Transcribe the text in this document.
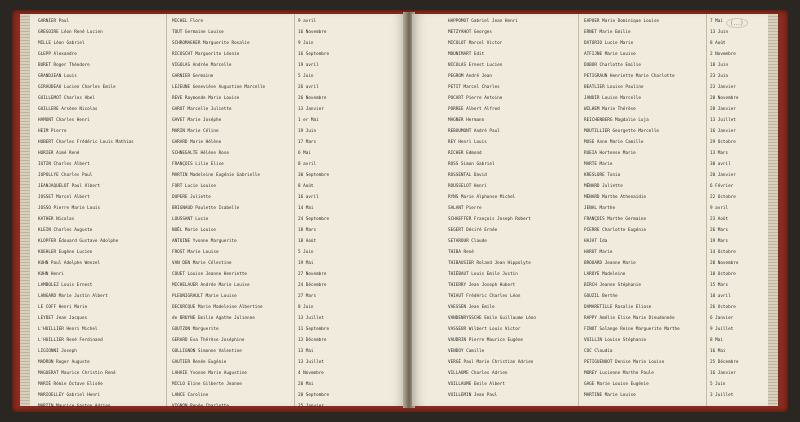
GARNIER Paul	MICHEL Flore	9 avril
GREGOIRE Léon René Lucien	TOUT Germaine Louise	16 Novembre
MILLE Léon Gabriel	SCHROMAEKER Marguerite Rosalie	9 Juin
GLEPP Alexandre	RICOSCHT Marguerite Léonie	16 Septembre
BURET Roger Théodore	VIGOLAS Andrée Marcelle	19 avril
GRANDJEAN Louis	GARNIER Germaine	5 Juin
GIRAUDEAU Lucien Charles Emile	LEJEUNE Geneviève Augustine Marcelle	26 avril
GUILLEMOT Charles Abel	REVE Raymonde Marie Louise	26 Novembre
GUILLERE Arsène Nicolas	GAROT Marcelle Juliette	13 Janvier
HAMONT Charles Henri	GAVET Marie Joséphe	1 er Mai
HEIM Pierre	MARIN Marie Céline	19 Juin
HUBERT Charles Frédéric Louis Mathias	GARARD Marie Hélène	17 Mars
HURIER Aimé René	SCHNEGALTE Hélène Rose	6 Mai
IUTIN Charles Albert	FRANÇOIS Lilie Elise	8 avril
JUPOLLYE Charles Paul	MARTIN Madeleine Eugénie Gabrielle	30 Septembre
JEANJAQUELOT Paul Albert	FORT Lucie Louise	8 Août
JOSSET Marcel Albert	DUPERE Juliette	16 avril
JOSSO Pierre Marie Louis	BRIGNAUD Paulette Isabelle	14 Mai
KATHER Nicolas	LOUSSANT Lucie	24 Septembre
KLEIN Charles Auguste	NOËL Marie Louise	18 Mars
KLOPFER Édouard Gustave Adolphe	ANTOINE Yvonne Marguerite	18 Août
KOEHLER Eugène Lucien	FROST Marie Louise	5 Juin
KUHN Paul Adolphe Wenzel	VAN DEN Marie Célestine	19 Mai
KUHN Henri	COUET Louise Jeanne Henriette	27 Novembre
LAMBOLEZ Louis Ernest	MICHELAUER Andrée Marie Louise	24 Décembre
LANGARD Marie Justin Albert	PLEUNIGRAULT Marie Louise	27 Mars
LE COFF Henri Marie	DECORCQUE Marie Madeleine Albertine	8 Juin
LEYDET Jean Jacques	de BRUYNE Emilie Agathe Julienne	13 Juillet
L'HUILLIER Henri Michel	GOUTZON Marguerite	11 Septembre
L'HUILLIER René Ferdinand	GERARD Eva Thérèse Joséphine	13 Décembre
LIGIONNI Joseph	GOLLIGNON Simonne Valentine	13 Mai
MADRON Roger Auguste	GAUTIER Renée Eugénie	13 Juillet
MAGUERAT Maurice Christin René	LAHAIE Yvonne Marie Augustine	4 Novembre
MARIÉ Rémie Octave Elisée	MICLO Eline Gilberte Jeanne	20 Mai
MARIOELLEY Gabriel Henri	LANCE Caroline	20 Septembre
MARTIN Maurice Gaston Adrien	VIGNON Renée Charlotte	25 Janvier
(…)
HAPPOMOT Gabriel Jean Henri	EAPUER Marie Dominique Louise	7 Mai
METZYAHOT Georges	ERNET Marie Emilie	13 Juin
MICOLOT Marcel Victor	DATORIO Lucie Marie	8 Août
MOUNIMART Edit	ATFIJNE Marie Louise	2 Novembre
NICOLAS Ernest Lucien	DUBOR Charlotte Emilie	18 Juin
PEGROM André Jean	PETIGRAUN Henriette Marie Charlotte	23 Juin
PETIT Marcel Charles	BEATLIER Louise Pauline	23 Janvier
POCART Pierre Antoine	JANOIR Louise Marcelle	20 Novembre
PORREE Albert Alfred	WILHEM Marie Thérèse	28 Janvier
MAGNER Hermann	REICHENBERG Magdalie Luja	13 Juillet
REBOUMONT André Paul	MOUTILLIER Georgette Marcelle	16 Janvier
REY Henri Louis	MUSE Anne Marie Camille	29 Octobre
RICHER Edmond	RUEIA Hortense Marie	13 Mars
ROSS Simon Gabriel	MARTE Marie	30 avril
ROSSENTAL David	KRESLORE Tonia	20 Janvier
ROUSSELOT Henri	MÉNARD Juliette	6 Février
RYNS Marie Alphonse Michel	MÉNARD Marthe Athenaidie	22 Octobre
SALANT Pierre	JENAL Marthe	9 avril
SCHAEFFER François Joseph Robert	FRANÇOIS Marthe Germaine	23 Août
SEGERT Désiré Ernée	PIERRE Charlotte Eugénie	26 Mars
SETAROUR Claude	HAJAT Ida	19 Mars
THIBA René	HAROT Marie	14 Octobre
THIBAUSIER Roland Jean Hippolyte	BROUARD Jeanne Marie	20 Novembre
THIÉBAUT Louis Emile Justin	LAROYE Madeleine	10 Octobre
THIERRY Jean Joseph Hubert	BIRCH Jeanne Stéphanie	15 Mars
THIAUT Frédéric Charles Léon	GOUZIL Berthe	10 avril
VAESSEN Jean Emile	DAMARETILLE Rosalie Eliose	26 Octobre
VANDENRYSSCHE Emile Guillaume Léon	RAPPY Amélie Elise Marie Dieudonnée	6 Janvier
VASSEUR Wilbert Louis Victor	FINOT Solange Reine Marguerite Marthe	9 Juillet
VAUDRIN Pierre Maurice Eugène	VUILLIN Louise Stéphanie	8 Mai
VENDOY Camille	COC Claudia	16 Mai
VERGÉ Paul Marie Christian Adrien	PETIGUENOOT Denise Marie Louise	25 Décembre
VILLAUME Charles Adrien	MOREY Lucienne Marthe Paule	16 Janvier
VUILLAUME Emile Albert	GAGE Marie Louise Eugénie	5 Juin
VUILLEMIN Jean Paul	MARTINE Marie Louise	3 Juillet
